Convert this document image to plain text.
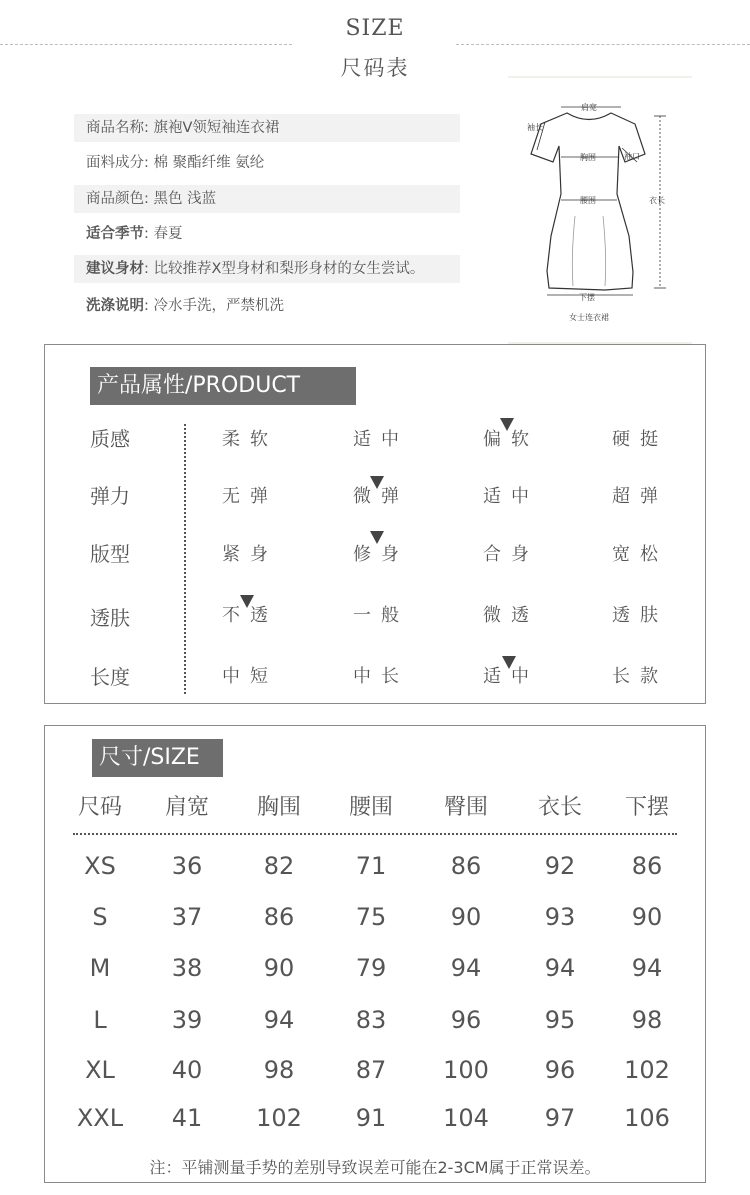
SIZE
尺码表
商品名称: 旗袍V领短袖连衣裙
面料成分: 棉 聚酯纤维 氨纶
商品颜色: 黑色 浅蓝
适合季节: 春夏
建议身材: 比较推荐X型身材和梨形身材的女生尝试。
洗涤说明: 冷水手洗，严禁机洗
肩宽
袖长
胸围	袖口
腰围	衣长
下摆
女士连衣裙
产品属性/PRODUCT
质感	柔软	适中	偏软	硬挺
弹力	无弹	微弹	适中	超弹
版型	紧身	修身	合身	宽松
透肤	不透	一般	微透	透肤
长度	中短	中长	适中	长款
尺寸/SIZE
尺码	肩宽	胸围	腰围	臀围	衣长	下摆
XS	36	82	71	86	92	86
S	37	86	75	90	93	90
M	38	90	79	94	94	94
L	39	94	83	96	95	98
XL	40	98	87	100	96	102
XXL	41	102	91	104	97	106
注：平铺测量手势的差别导致误差可能在2-3CM属于正常误差。
